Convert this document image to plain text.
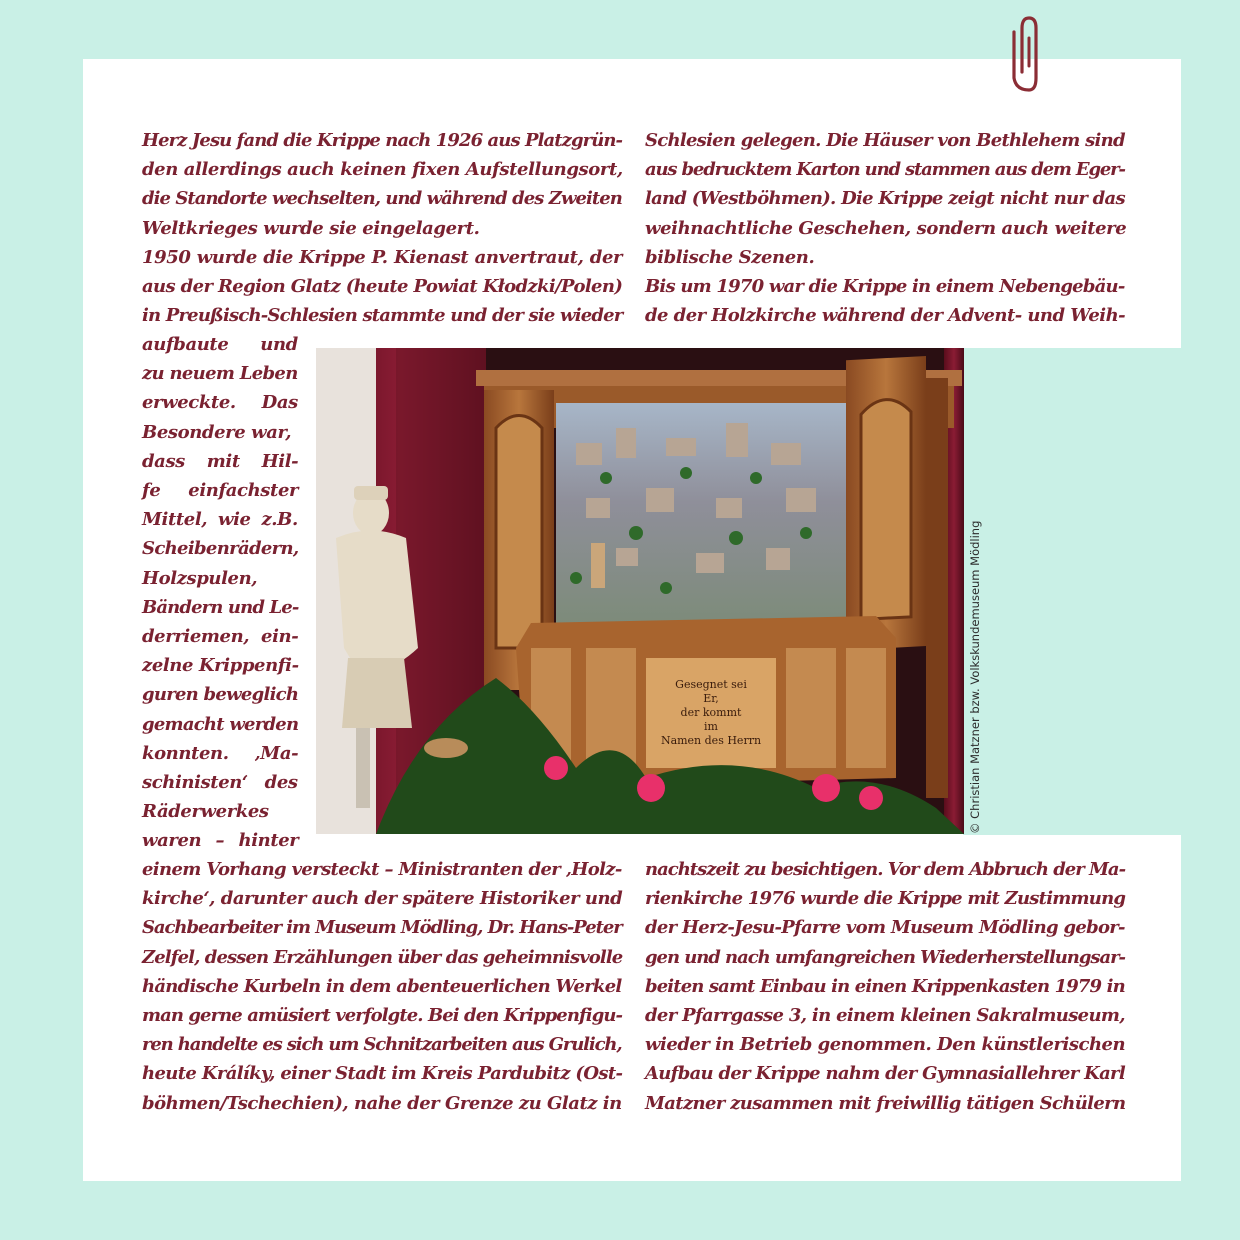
Gesegnet sei
Er,
der kommt
im
Namen des Herrn	© Christian Matzner bzw. Volkskundemuseum Mödling
Herz Jesu fand die Krippe nach 1926 aus Platzgrün-
den allerdings auch keinen fixen Aufstellungsort,
die Standorte wechselten, und während des Zweiten
Weltkrieges wurde sie eingelagert.
1950 wurde die Krippe P. Kienast anvertraut, der
aus der Region Glatz (heute Powiat Kłodzki/Polen)
in Preußisch-Schlesien stammte und der sie wieder
aufbaute und
zu neuem Leben
erweckte. Das
Besondere war,
dass mit Hil-
fe einfachster
Mittel, wie z.B.
Scheibenrädern,
Holzspulen,
Bändern und Le-
derriemen, ein-
zelne Krippenfi-
guren beweglich
gemacht werden
konnten. ‚Ma-
schinisten‘ des
Räderwerkes
waren – hinter
einem Vorhang versteckt – Ministranten der ‚Holz-
kirche‘, darunter auch der spätere Historiker und
Sachbearbeiter im Museum Mödling, Dr. Hans-Peter
Zelfel, dessen Erzählungen über das geheimnisvolle
händische Kurbeln in dem abenteuerlichen Werkel
man gerne amüsiert verfolgte. Bei den Krippenfigu-
ren handelte es sich um Schnitzarbeiten aus Grulich,
heute Králíky, einer Stadt im Kreis Pardubitz (Ost-
böhmen/Tschechien), nahe der Grenze zu Glatz in
Schlesien gelegen. Die Häuser von Bethlehem sind
aus bedrucktem Karton und stammen aus dem Eger-
land (Westböhmen). Die Krippe zeigt nicht nur das
weihnachtliche Geschehen, sondern auch weitere
biblische Szenen.
Bis um 1970 war die Krippe in einem Nebengebäu-
de der Holzkirche während der Advent- und Weih-
nachtszeit zu besichtigen. Vor dem Abbruch der Ma-
rienkirche 1976 wurde die Krippe mit Zustimmung
der Herz-Jesu-Pfarre vom Museum Mödling gebor-
gen und nach umfangreichen Wiederherstellungsar-
beiten samt Einbau in einen Krippenkasten 1979 in
der Pfarrgasse 3, in einem kleinen Sakralmuseum,
wieder in Betrieb genommen. Den künstlerischen
Aufbau der Krippe nahm der Gymnasiallehrer Karl
Matzner zusammen mit freiwillig tätigen Schülern
